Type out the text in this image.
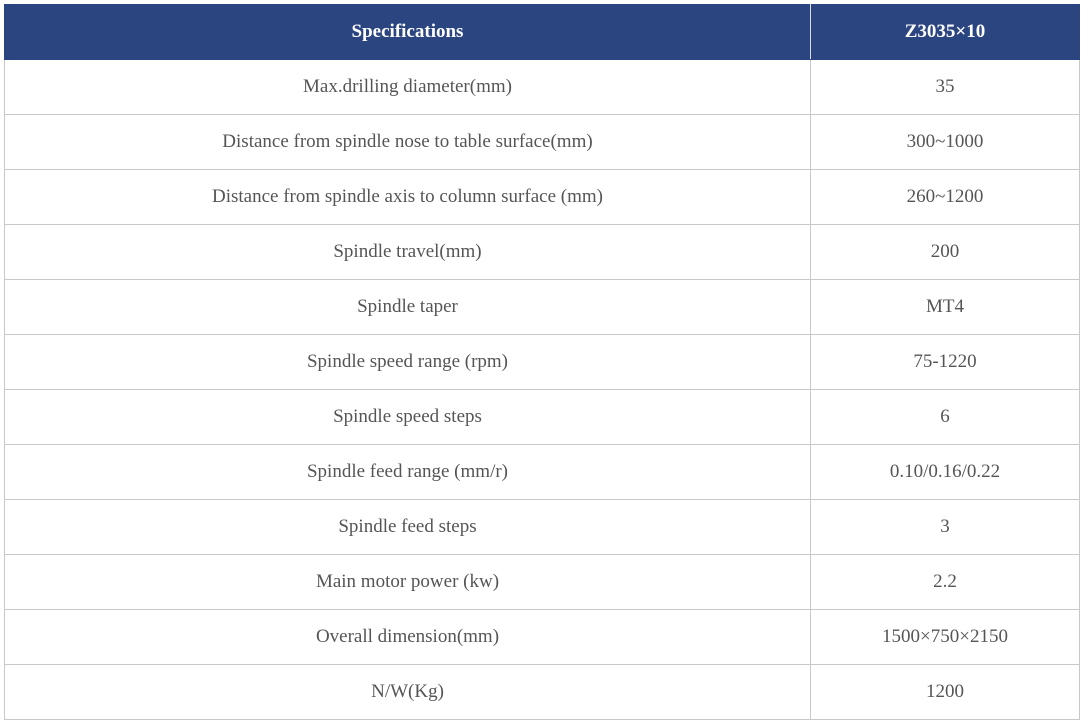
Specifications	Z3035×10
Max.drilling diameter(mm)	35
Distance from spindle nose to table surface(mm)	300~1000
Distance from spindle axis to column surface (mm)	260~1200
Spindle travel(mm)	200
Spindle taper	MT4
Spindle speed range (rpm)	75-1220
Spindle speed steps	6
Spindle feed range (mm/r)	0.10/0.16/0.22
Spindle feed steps	3
Main motor power (kw)	2.2
Overall dimension(mm)	1500×750×2150
N/W(Kg)	1200
